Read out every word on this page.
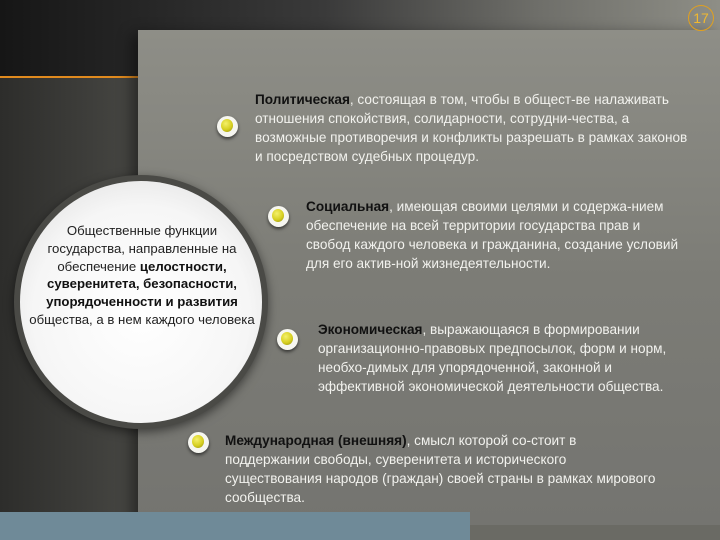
17
Общественные функции государства, направленные на обеспечение целостности, суверенитета, безопасности, упорядоченности и развития общества, а в нем каждого человека
Политическая, состоящая в том, чтобы в общест-ве налаживать отношения спокойствия, солидарности, сотрудни-чества, а возможные противоречия и конфликты разрешать в рамках законов и посредством судебных процедур.
Социальная, имеющая своими целями и содержа-нием обеспечение на всей территории государства прав и свобод каждого человека и гражданина, создание условий для его актив-ной жизнедеятельности.
Экономическая, выражающаяся в формировании организационно-правовых предпосылок, форм и норм, необхо-димых для упорядоченной, законной и эффективной экономической деятельности общества.
Международная (внешняя), смысл которой со-стоит в поддержании свободы, суверенитета и исторического существования народов (граждан) своей страны в рамках мирового сообщества.
